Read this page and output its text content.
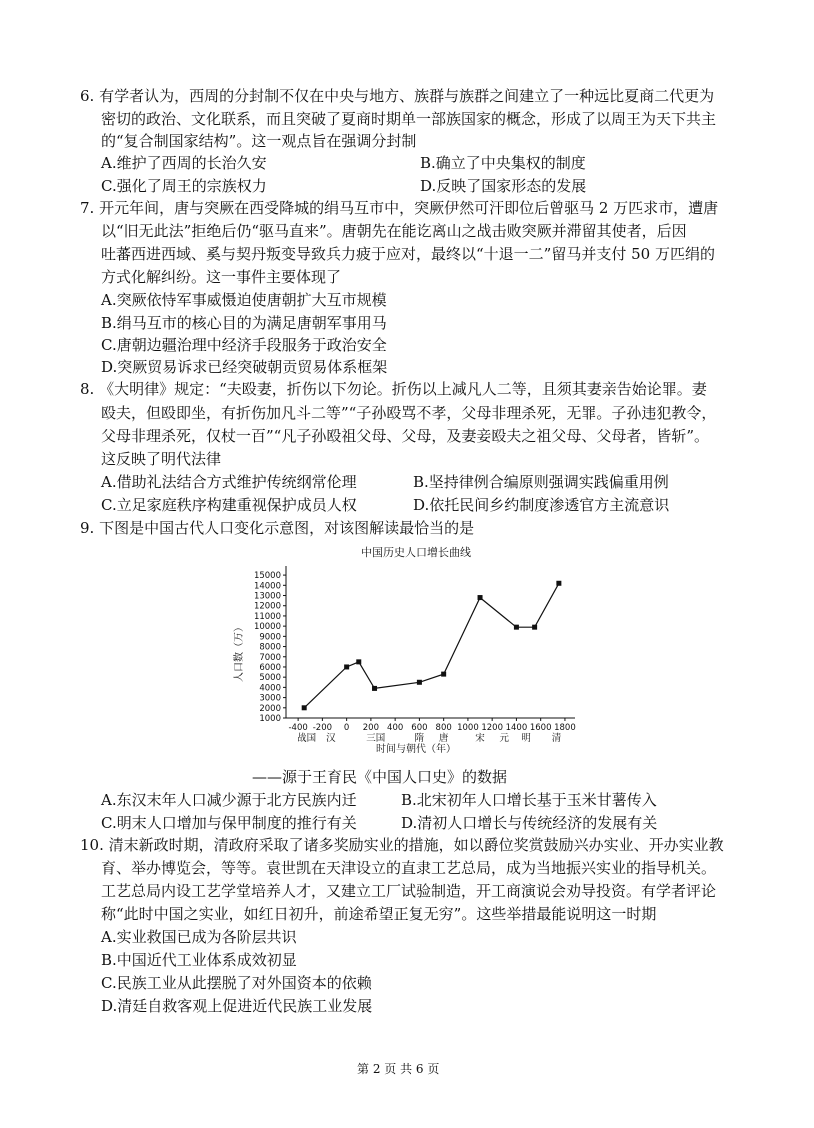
6. 有学者认为，西周的分封制不仅在中央与地方、族群与族群之间建立了一种远比夏商二代更为
密切的政治、文化联系，而且突破了夏商时期单一部族国家的概念，形成了以周王为天下共主
的“复合制国家结构”。这一观点旨在强调分封制
A.维护了西周的长治久安	B.确立了中央集权的制度
C.强化了周王的宗族权力	D.反映了国家形态的发展
7. 开元年间，唐与突厥在西受降城的绢马互市中，突厥伊然可汗即位后曾驱马 2 万匹求市，遭唐
以“旧无此法”拒绝后仍“驱马直来”。唐朝先在能讫离山之战击败突厥并滞留其使者，后因
吐蕃西进西域、奚与契丹叛变导致兵力疲于应对，最终以“十退一二”留马并支付 50 万匹绢的
方式化解纠纷。这一事件主要体现了
A.突厥依恃军事威慑迫使唐朝扩大互市规模
B.绢马互市的核心目的为满足唐朝军事用马
C.唐朝边疆治理中经济手段服务于政治安全
D.突厥贸易诉求已经突破朝贡贸易体系框架
8. 《大明律》规定：“夫殴妻，折伤以下勿论。折伤以上减凡人二等，且须其妻亲告始论罪。妻
殴夫，但殴即坐，有折伤加凡斗二等”“子孙殴骂不孝，父母非理杀死，无罪。子孙违犯教令，
父母非理杀死，仅杖一百”“凡子孙殴祖父母、父母，及妻妾殴夫之祖父母、父母者，皆斩”。
这反映了明代法律
A.借助礼法结合方式维护传统纲常伦理	B.坚持律例合编原则强调实践偏重用例
C.立足家庭秩序构建重视保护成员人权	D.依托民间乡约制度渗透官方主流意识
9. 下图是中国古代人口变化示意图，对该图解读最恰当的是
中国历史人口增长曲线
人口数（万）
1000
2000
3000
4000
5000
6000
7000
8000
9000
10000
11000
12000
13000
14000
15000
-400 -200 0 200 400 600 800 1000 1200 1400 1600 1800
战国 汉	三国	隋 唐	宋 元 明 清
时间与朝代（年）
——源于王育民《中国人口史》的数据
A.东汉末年人口减少源于北方民族内迁	B.北宋初年人口增长基于玉米甘薯传入
C.明末人口增加与保甲制度的推行有关	D.清初人口增长与传统经济的发展有关
10. 清末新政时期，清政府采取了诸多奖励实业的措施，如以爵位奖赏鼓励兴办实业、开办实业教
育、举办博览会，等等。袁世凯在天津设立的直隶工艺总局，成为当地振兴实业的指导机关。
工艺总局内设工艺学堂培养人才，又建立工厂试验制造，开工商演说会劝导投资。有学者评论
称“此时中国之实业，如红日初升，前途希望正复无穷”。这些举措最能说明这一时期
A.实业救国已成为各阶层共识
B.中国近代工业体系成效初显
C.民族工业从此摆脱了对外国资本的依赖
D.清廷自救客观上促进近代民族工业发展
第 2 页 共 6 页
